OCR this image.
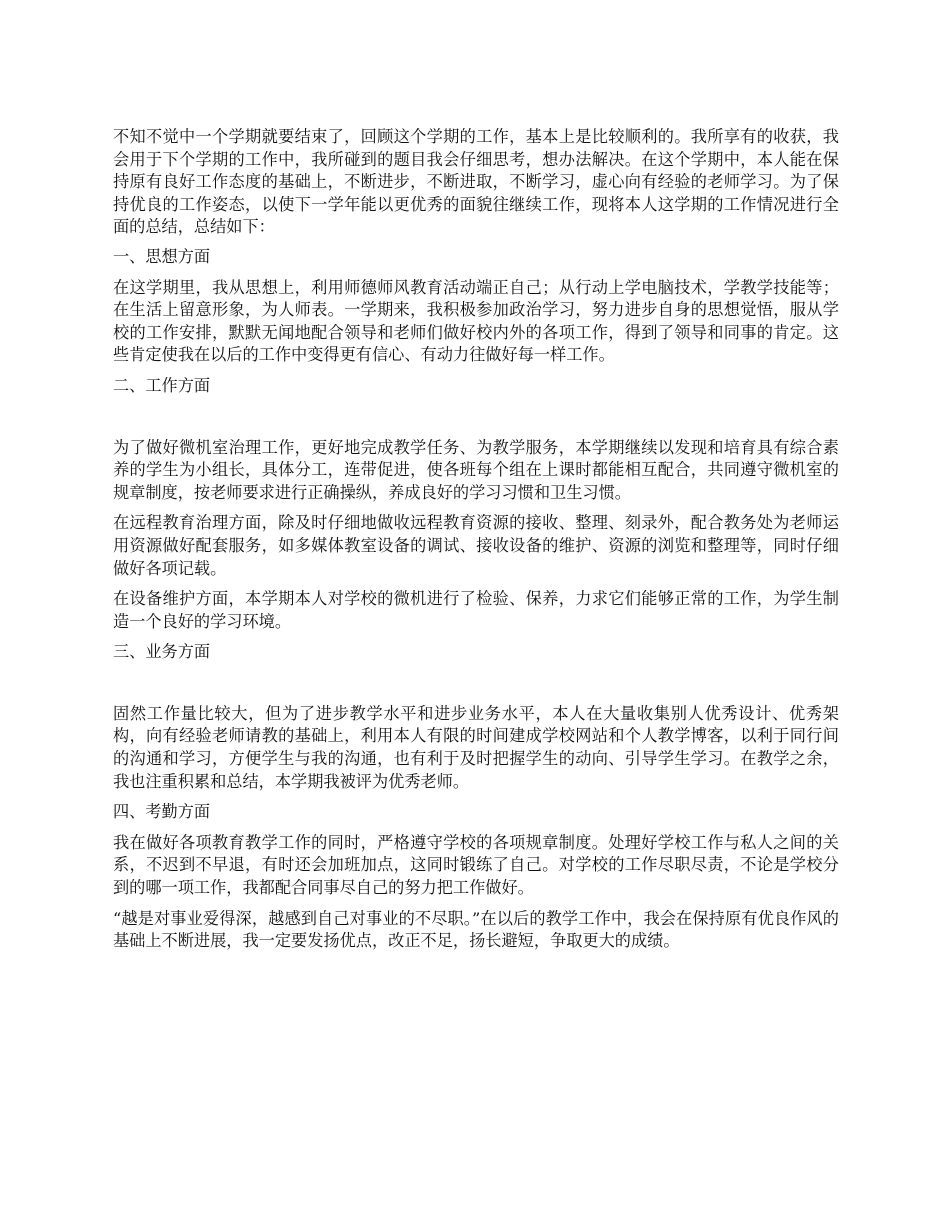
不知不觉中一个学期就要结束了，回顾这个学期的工作，基本上是比较顺利的。我所享有的收获，我会用于下个学期的工作中，我所碰到的题目我会仔细思考，想办法解决。在这个学期中，本人能在保持原有良好工作态度的基础上，不断进步，不断进取，不断学习，虚心向有经验的老师学习。为了保持优良的工作姿态，以使下一学年能以更优秀的面貌往继续工作，现将本人这学期的工作情况进行全面的总结，总结如下：

一、思想方面

在这学期里，我从思想上，利用师德师风教育活动端正自己；从行动上学电脑技术，学教学技能等；在生活上留意形象，为人师表。一学期来，我积极参加政治学习，努力进步自身的思想觉悟，服从学校的工作安排，默默无闻地配合领导和老师们做好校内外的各项工作，得到了领导和同事的肯定。这些肯定使我在以后的工作中变得更有信心、有动力往做好每一样工作。

二、工作方面

为了做好微机室治理工作，更好地完成教学任务、为教学服务，本学期继续以发现和培育具有综合素养的学生为小组长，具体分工，连带促进，使各班每个组在上课时都能相互配合，共同遵守微机室的规章制度，按老师要求进行正确操纵，养成良好的学习习惯和卫生习惯。

在远程教育治理方面，除及时仔细地做收远程教育资源的接收、整理、刻录外，配合教务处为老师运用资源做好配套服务，如多媒体教室设备的调试、接收设备的维护、资源的浏览和整理等，同时仔细做好各项记载。

在设备维护方面，本学期本人对学校的微机进行了检验、保养，力求它们能够正常的工作，为学生制造一个良好的学习环境。

三、业务方面

固然工作量比较大，但为了进步教学水平和进步业务水平，本人在大量收集别人优秀设计、优秀架构，向有经验老师请教的基础上，利用本人有限的时间建成学校网站和个人教学博客，以利于同行间的沟通和学习，方便学生与我的沟通，也有利于及时把握学生的动向、引导学生学习。在教学之余，我也注重积累和总结，本学期我被评为优秀老师。

四、考勤方面

我在做好各项教育教学工作的同时，严格遵守学校的各项规章制度。处理好学校工作与私人之间的关系，不迟到不早退，有时还会加班加点，这同时锻练了自己。对学校的工作尽职尽责，不论是学校分到的哪一项工作，我都配合同事尽自己的努力把工作做好。

“越是对事业爱得深，越感到自己对事业的不尽职。”在以后的教学工作中，我会在保持原有优良作风的基础上不断进展，我一定要发扬优点，改正不足，扬长避短，争取更大的成绩。
